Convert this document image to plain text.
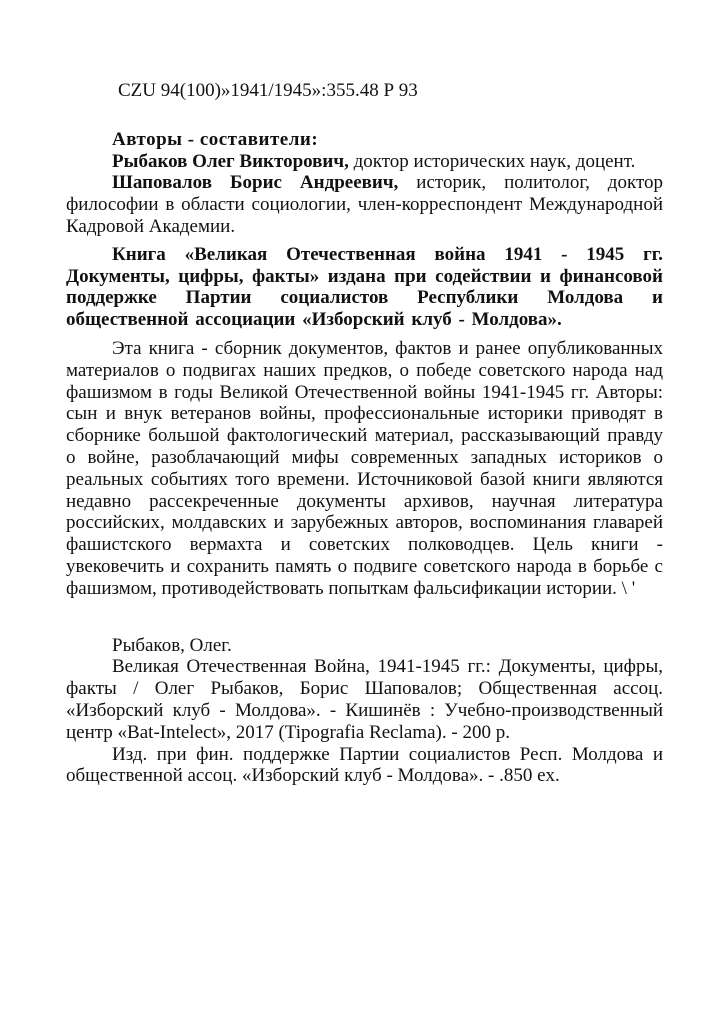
CZU 94(100)»1941/1945»:355.48 Р 93

Авторы - составители:

Рыбаков Олег Викторович, доктор исторических наук, доцент.

Шаповалов Борис Андреевич, историк, политолог, доктор философии в области социологии, член-корреспондент Международной Кадровой Академии.

Книга «Великая Отечественная война 1941 - 1945 гг. Документы, цифры, факты» издана при содействии и финансовой поддержке Партии социалистов Республики Молдова и общественной ассоциации «Изборский клуб - Молдова».

Эта книга - сборник документов, фактов и ранее опубликованных материалов о подвигах наших предков, о победе советского народа над фашизмом в годы Великой Отечественной войны 1941-1945 гг. Авторы: сын и внук ветеранов войны, профессиональные историки приводят в сборнике большой фактологический материал, рассказывающий правду о войне, разоблачающий мифы современных западных историков о реальных событиях того времени. Источниковой базой книги являются недавно рассекреченные документы архивов, научная литература российских, молдавских и зарубежных авторов, воспоминания главарей фашистского вермахта и советских полководцев. Цель книги - увековечить и сохранить память о подвиге советского народа в борьбе с фашизмом, противодействовать попыткам фальсификации истории. \ '

Рыбаков, Олег.

Великая Отечественная Война, 1941-1945 гг.: Документы, цифры, факты / Олег Рыбаков, Борис Шаповалов; Общественная ассоц. «Изборский клуб - Молдова». - Кишинёв : Учебно-производственный центр «Bat-Intelect», 2017 (Tipografia Reclama). - 200 p.

Изд. при фин. поддержке Партии социалистов Респ. Молдова и общественной ассоц. «Изборский клуб - Молдова». - .850 ex.
